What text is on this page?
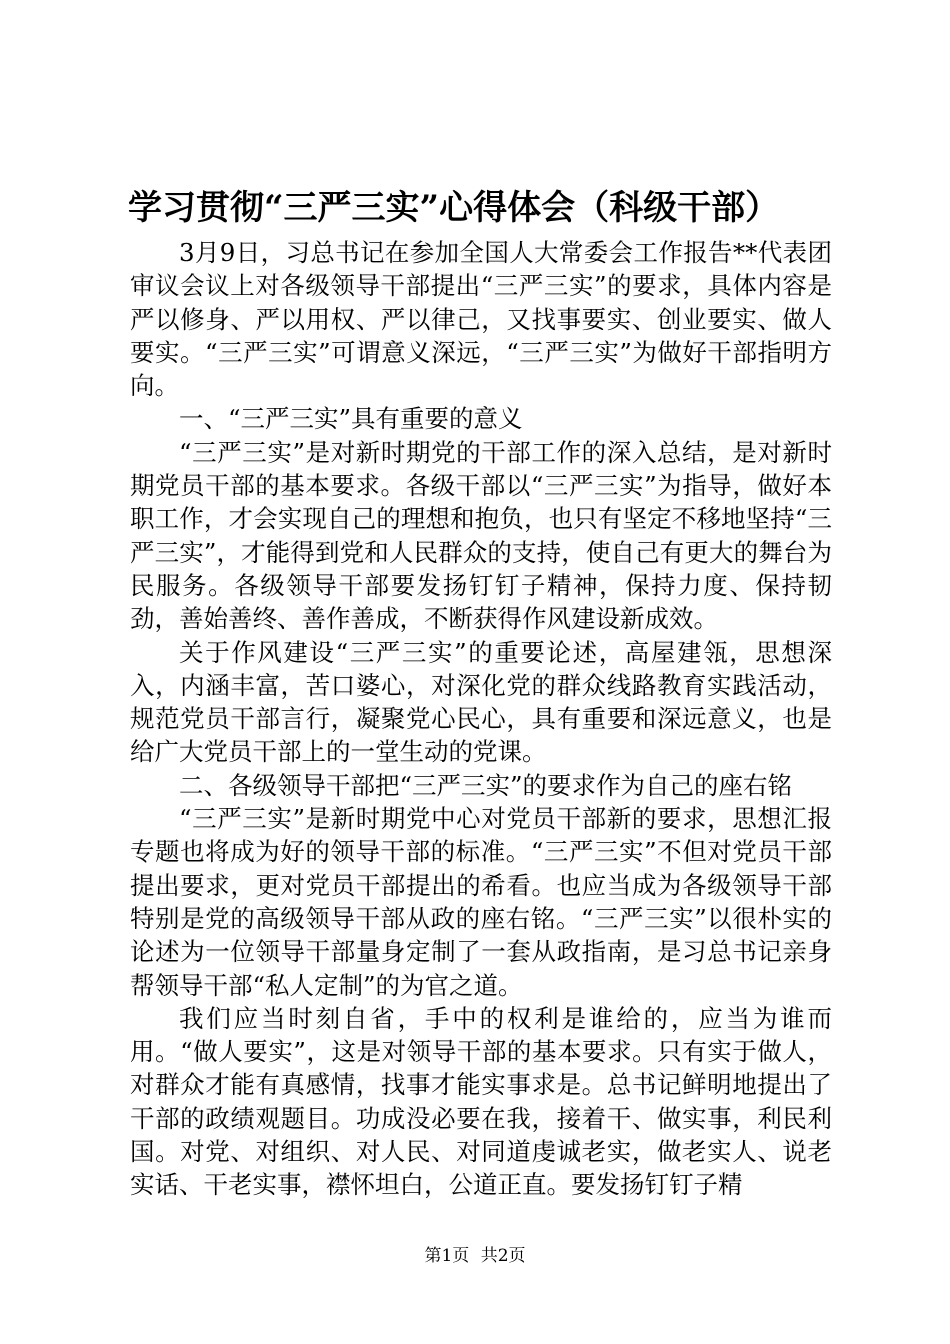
学习贯彻“三严三实”心得体会（科级干部）

3月9日，习总书记在参加全国人大常委会工作报告**代表团审议会议上对各级领导干部提出“三严三实”的要求，具体内容是严以修身、严以用权、严以律己，又找事要实、创业要实、做人要实。“三严三实”可谓意义深远，“三严三实”为做好干部指明方向。

一、“三严三实”具有重要的意义

“三严三实”是对新时期党的干部工作的深入总结，是对新时期党员干部的基本要求。各级干部以“三严三实”为指导，做好本职工作，才会实现自己的理想和抱负，也只有坚定不移地坚持“三严三实”，才能得到党和人民群众的支持，使自己有更大的舞台为民服务。各级领导干部要发扬钉钉子精神，保持力度、保持韧劲，善始善终、善作善成，不断获得作风建设新成效。

关于作风建设“三严三实”的重要论述，高屋建瓴，思想深入，内涵丰富，苦口婆心，对深化党的群众线路教育实践活动，规范党员干部言行，凝聚党心民心，具有重要和深远意义，也是给广大党员干部上的一堂生动的党课。

二、各级领导干部把“三严三实”的要求作为自己的座右铭

“三严三实”是新时期党中心对党员干部新的要求，思想汇报专题也将成为好的领导干部的标准。“三严三实”不但对党员干部提出要求，更对党员干部提出的希看。也应当成为各级领导干部特别是党的高级领导干部从政的座右铭。“三严三实”以很朴实的论述为一位领导干部量身定制了一套从政指南，是习总书记亲身帮领导干部“私人定制”的为官之道。

我们应当时刻自省，手中的权利是谁给的，应当为谁而用。“做人要实”，这是对领导干部的基本要求。只有实于做人，对群众才能有真感情，找事才能实事求是。总书记鲜明地提出了干部的政绩观题目。功成没必要在我，接着干、做实事，利民利国。对党、对组织、对人民、对同道虔诚老实，做老实人、说老实话、干老实事，襟怀坦白，公道正直。要发扬钉钉子精

第1页 共2页
